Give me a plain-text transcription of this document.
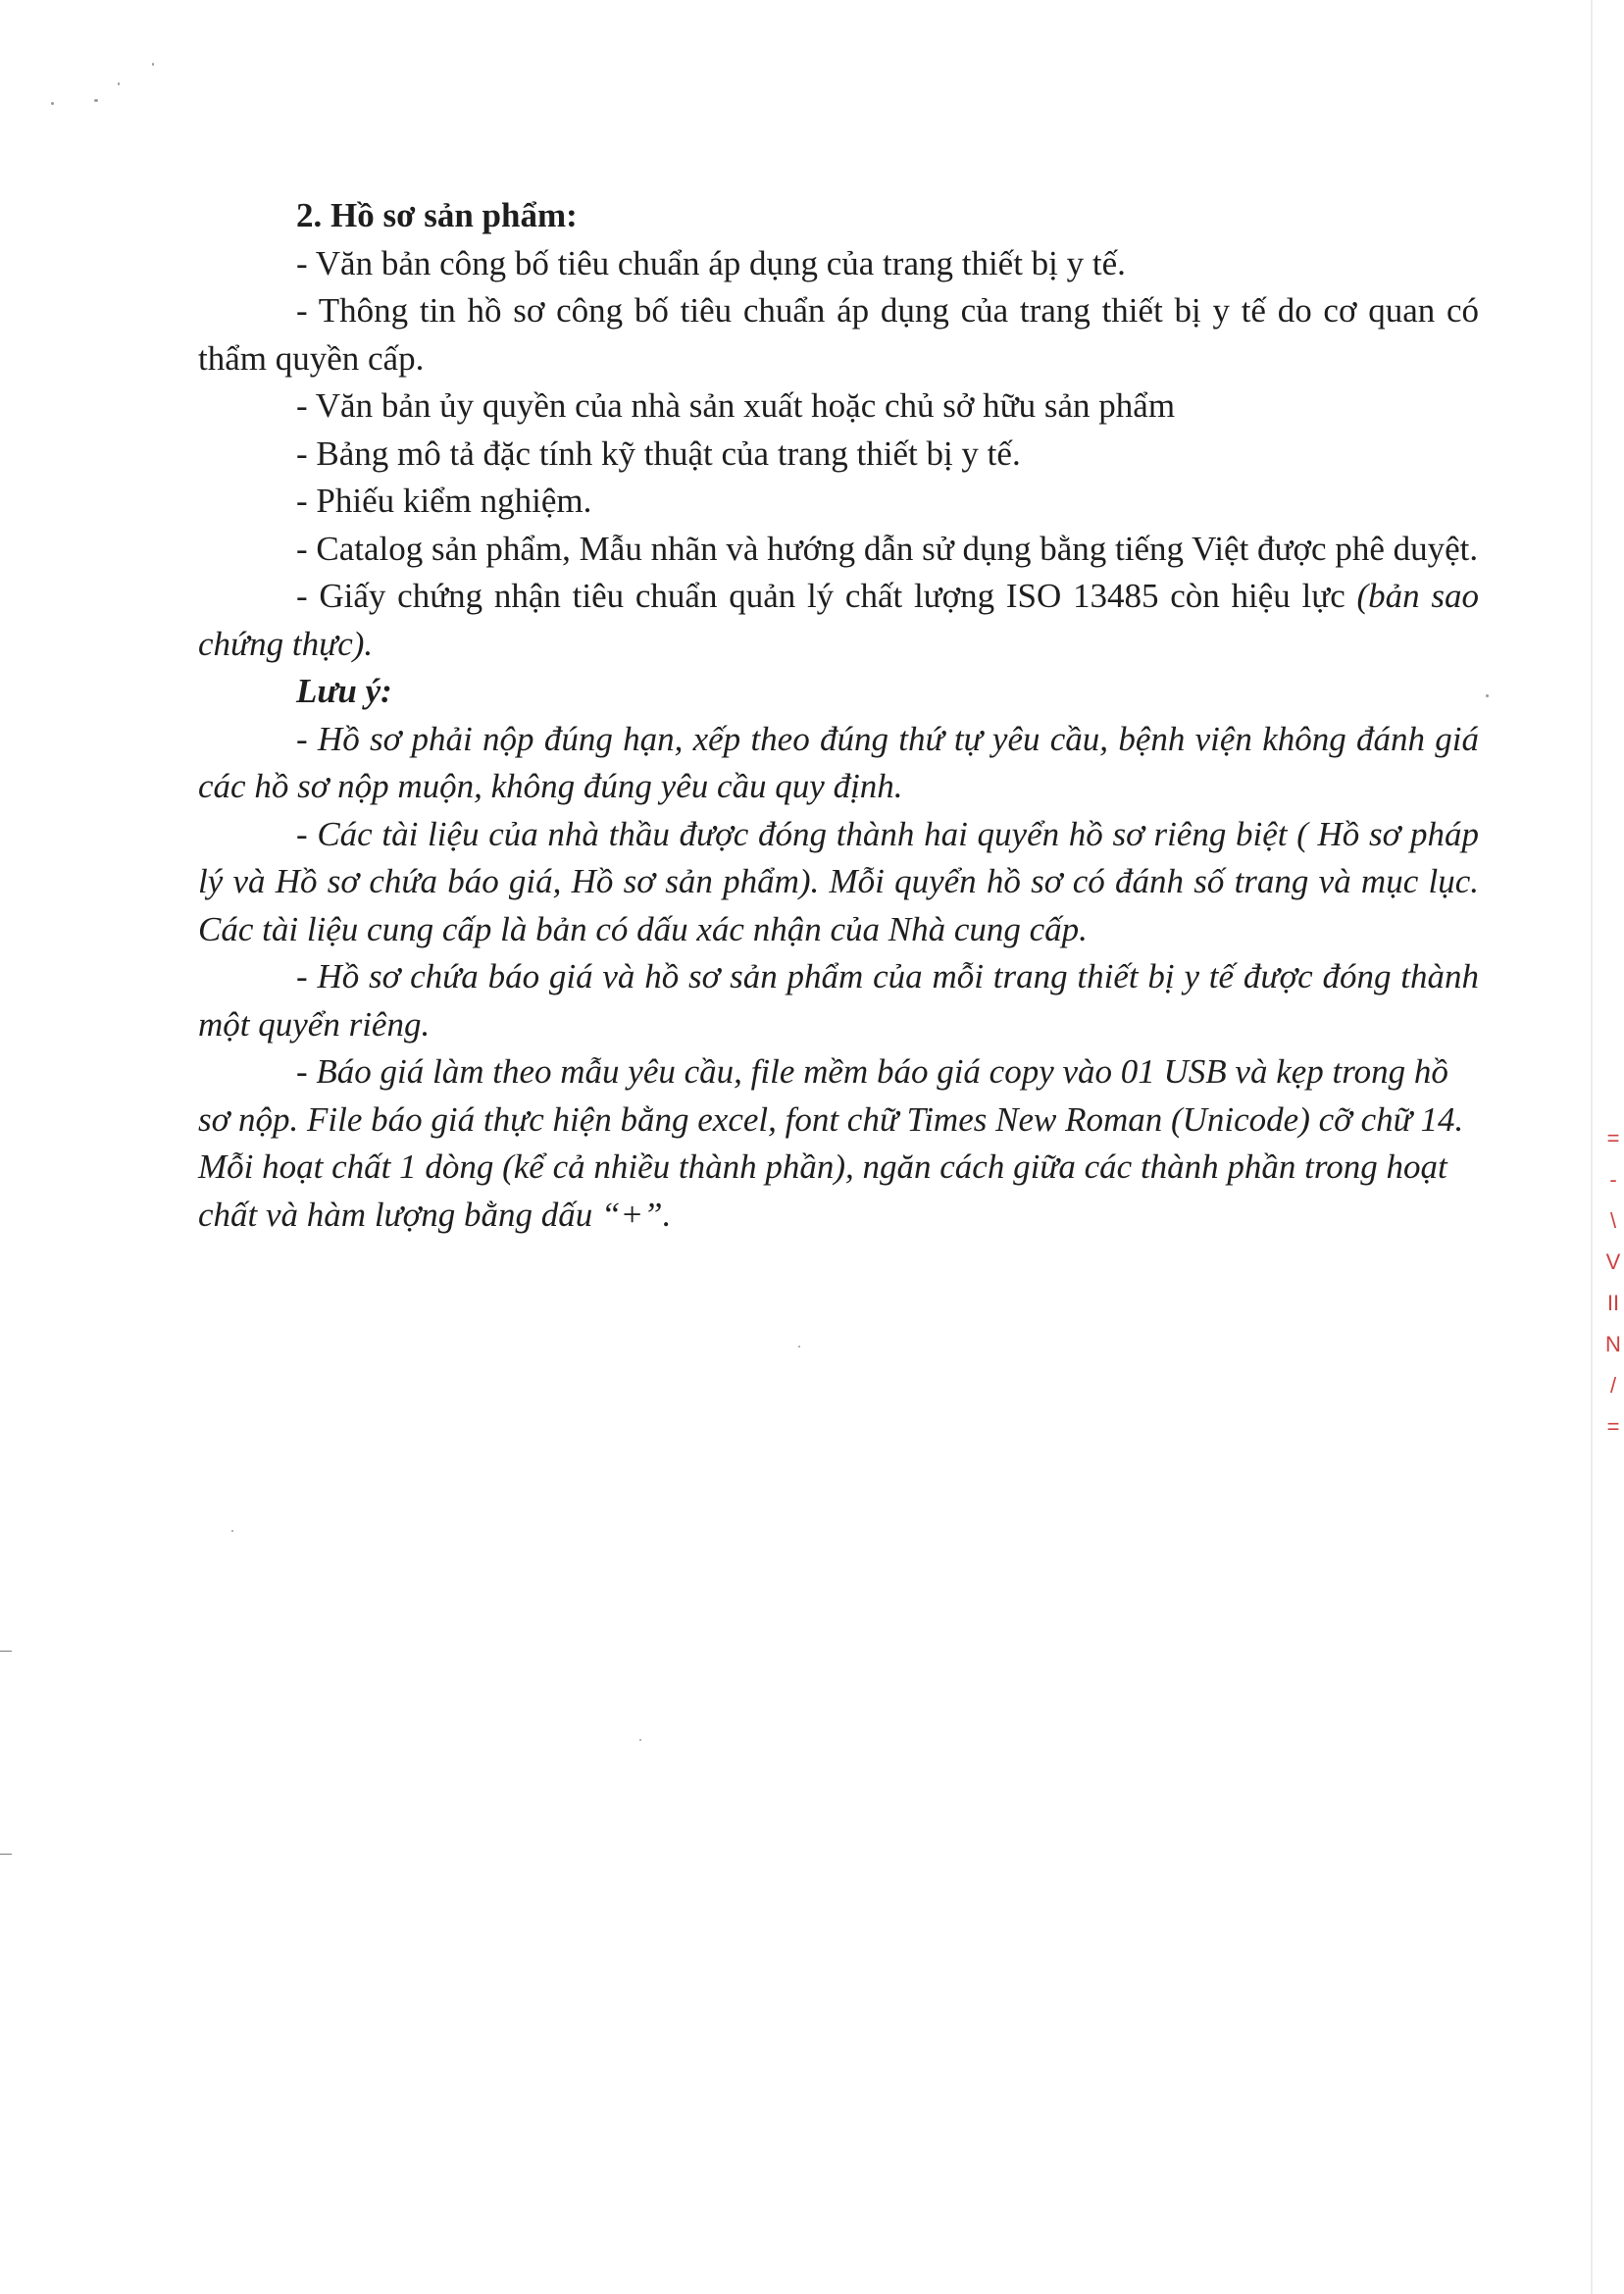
2. Hồ sơ sản phẩm:

- Văn bản công bố tiêu chuẩn áp dụng của trang thiết bị y tế.

- Thông tin hồ sơ công bố tiêu chuẩn áp dụng của trang thiết bị y tế do cơ quan có thẩm quyền cấp.

- Văn bản ủy quyền của nhà sản xuất hoặc chủ sở hữu sản phẩm

- Bảng mô tả đặc tính kỹ thuật của trang thiết bị y tế.

- Phiếu kiểm nghiệm.

- Catalog sản phẩm, Mẫu nhãn và hướng dẫn sử dụng bằng tiếng Việt được phê duyệt.

- Giấy chứng nhận tiêu chuẩn quản lý chất lượng ISO 13485 còn hiệu lực (bản sao chứng thực).

Lưu ý:

- Hồ sơ phải nộp đúng hạn, xếp theo đúng thứ tự yêu cầu, bệnh viện không đánh giá các hồ sơ nộp muộn, không đúng yêu cầu quy định.

- Các tài liệu của nhà thầu được đóng thành hai quyển hồ sơ riêng biệt ( Hồ sơ pháp lý và Hồ sơ chứa báo giá, Hồ sơ sản phẩm). Mỗi quyển hồ sơ có đánh số trang và mục lục. Các tài liệu cung cấp là bản có dấu xác nhận của Nhà cung cấp.

- Hồ sơ chứa báo giá và hồ sơ sản phẩm của mỗi trang thiết bị y tế được đóng thành một quyển riêng.

- Báo giá làm theo mẫu yêu cầu, file mềm báo giá copy vào 01 USB và kẹp trong hồ sơ nộp. File báo giá thực hiện bằng excel, font chữ Times New Roman (Unicode) cỡ chữ 14. Mỗi hoạt chất 1 dòng (kể cả nhiều thành phần), ngăn cách giữa các thành phần trong hoạt chất và hàm lượng bằng dấu “+”.

=
-
\
V
II
N
/
=
